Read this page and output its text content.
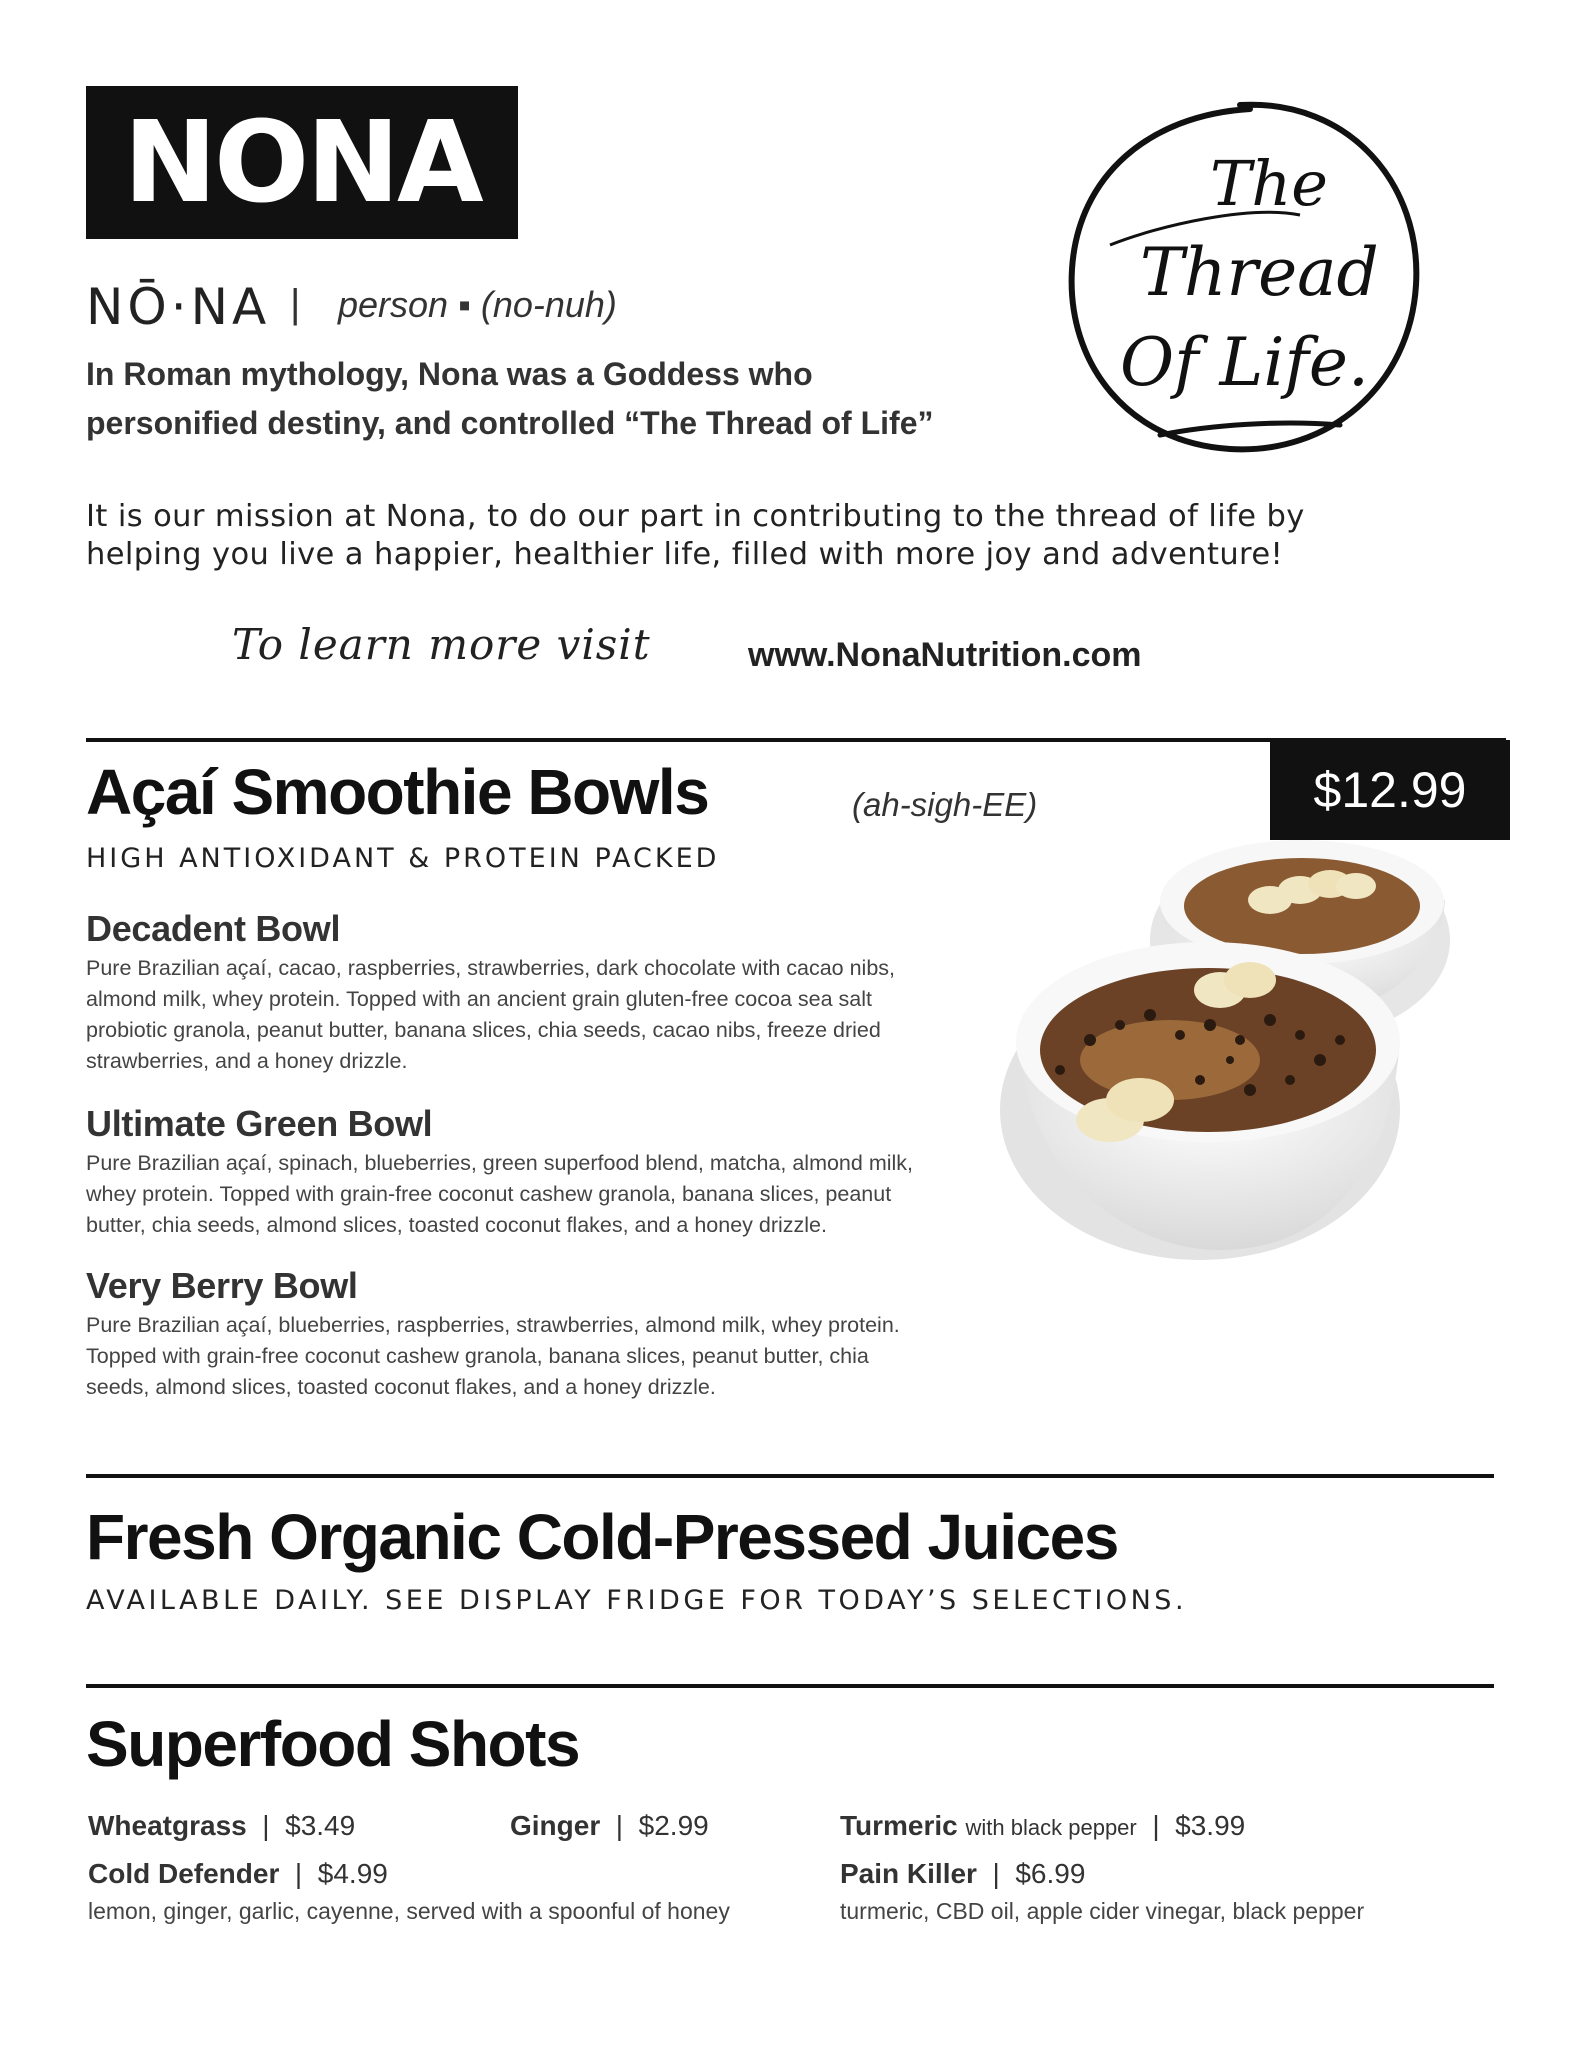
NONA
NŌ·NA | person ▪ (no-nuh)
In Roman mythology, Nona was a Goddess who
personified destiny, and controlled “The Thread of Life”
It is our mission at Nona, to do our part in contributing to the thread of life by
helping you live a happier, healthier life, filled with more joy and adventure!
To learn more visit	www.NonaNutrition.com
The
Thread
Of Life.
Açaí Smoothie Bowls	(ah-sigh-EE)
HIGH ANTIOXIDANT & PROTEIN PACKED
$12.99
Decadent Bowl
Pure Brazilian açaí, cacao, raspberries, strawberries, dark chocolate with cacao nibs,
almond milk, whey protein. Topped with an ancient grain gluten-free cocoa sea salt
probiotic granola, peanut butter, banana slices, chia seeds, cacao nibs, freeze dried
strawberries, and a honey drizzle.
Ultimate Green Bowl
Pure Brazilian açaí, spinach, blueberries, green superfood blend, matcha, almond milk,
whey protein. Topped with grain-free coconut cashew granola, banana slices, peanut
butter, chia seeds, almond slices, toasted coconut flakes, and a honey drizzle.
Very Berry Bowl
Pure Brazilian açaí, blueberries, raspberries, strawberries, almond milk, whey protein.
Topped with grain-free coconut cashew granola, banana slices, peanut butter, chia
seeds, almond slices, toasted coconut flakes, and a honey drizzle.
Fresh Organic Cold-Pressed Juices
AVAILABLE DAILY. SEE DISPLAY FRIDGE FOR TODAY’S SELECTIONS.
Superfood Shots
Wheatgrass | $3.49	Ginger | $2.99	Turmeric with black pepper | $3.99
Cold Defender | $4.99
lemon, ginger, garlic, cayenne, served with a spoonful of honey
Pain Killer | $6.99
turmeric, CBD oil, apple cider vinegar, black pepper
